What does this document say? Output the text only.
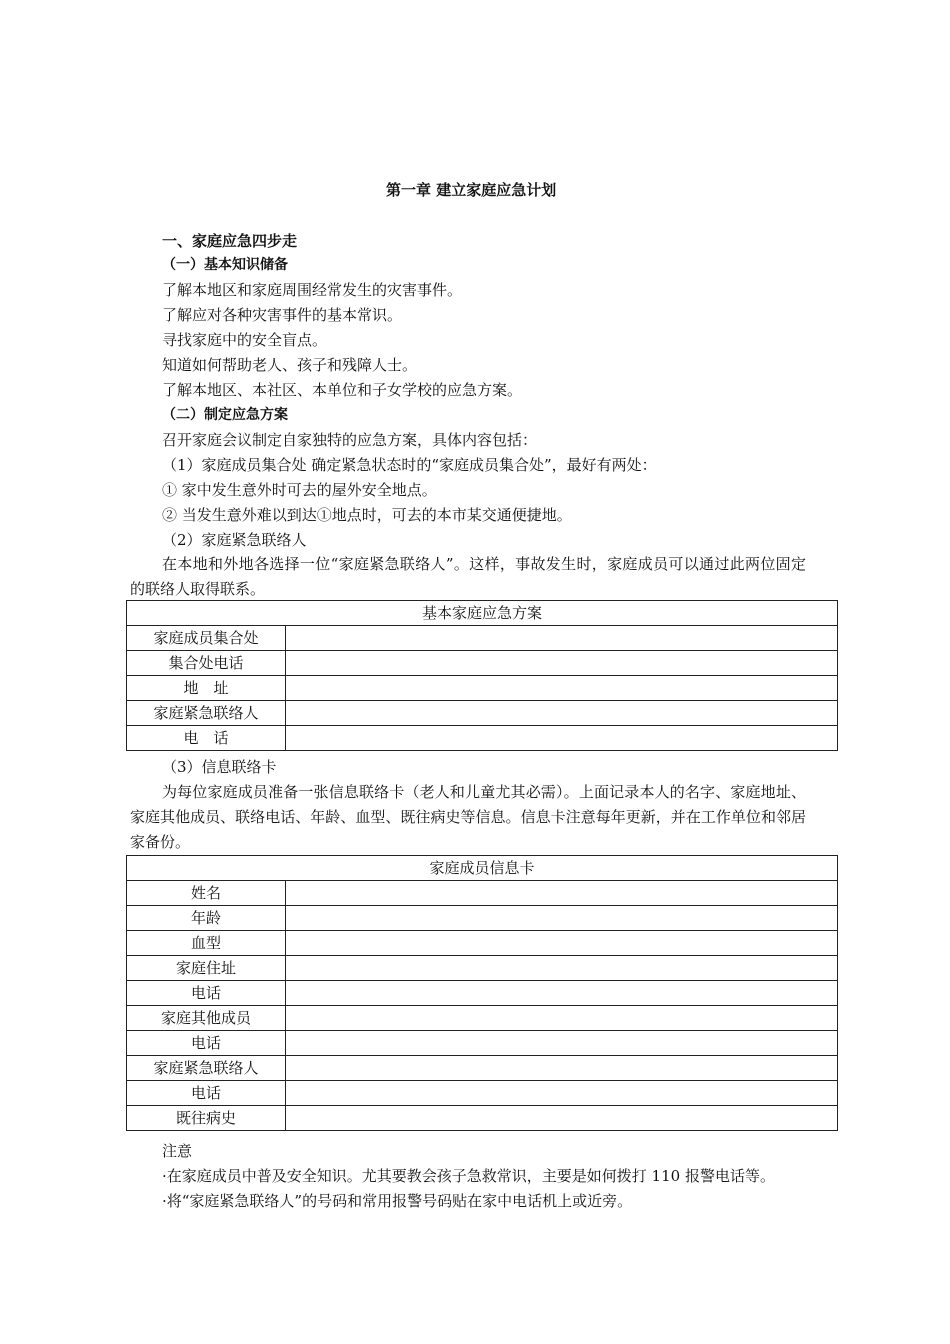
第一章 建立家庭应急计划
一、家庭应急四步走
（一）基本知识储备
了解本地区和家庭周围经常发生的灾害事件。
了解应对各种灾害事件的基本常识。
寻找家庭中的安全盲点。
知道如何帮助老人、孩子和残障人士。
了解本地区、本社区、本单位和子女学校的应急方案。
（二）制定应急方案
召开家庭会议制定自家独特的应急方案，具体内容包括：
（1）家庭成员集合处 确定紧急状态时的“家庭成员集合处”，最好有两处：
① 家中发生意外时可去的屋外安全地点。
② 当发生意外难以到达①地点时，可去的本市某交通便捷地。
（2）家庭紧急联络人
在本地和外地各选择一位“家庭紧急联络人”。这样，事故发生时，家庭成员可以通过此两位固定的联络人取得联系。
基本家庭应急方案	
家庭成员集合处	
集合处电话	
地　址	
家庭紧急联络人	
电　话	
（3）信息联络卡
为每位家庭成员准备一张信息联络卡（老人和儿童尤其必需）。上面记录本人的名字、家庭地址、家庭其他成员、联络电话、年龄、血型、既往病史等信息。信息卡注意每年更新，并在工作单位和邻居家备份。
家庭成员信息卡	
姓名	
年龄	
血型	
家庭住址	
电话	
家庭其他成员	
电话	
家庭紧急联络人	
电话	
既往病史	
注意
·在家庭成员中普及安全知识。尤其要教会孩子急救常识，主要是如何拨打 110 报警电话等。
·将“家庭紧急联络人”的号码和常用报警号码贴在家中电话机上或近旁。
